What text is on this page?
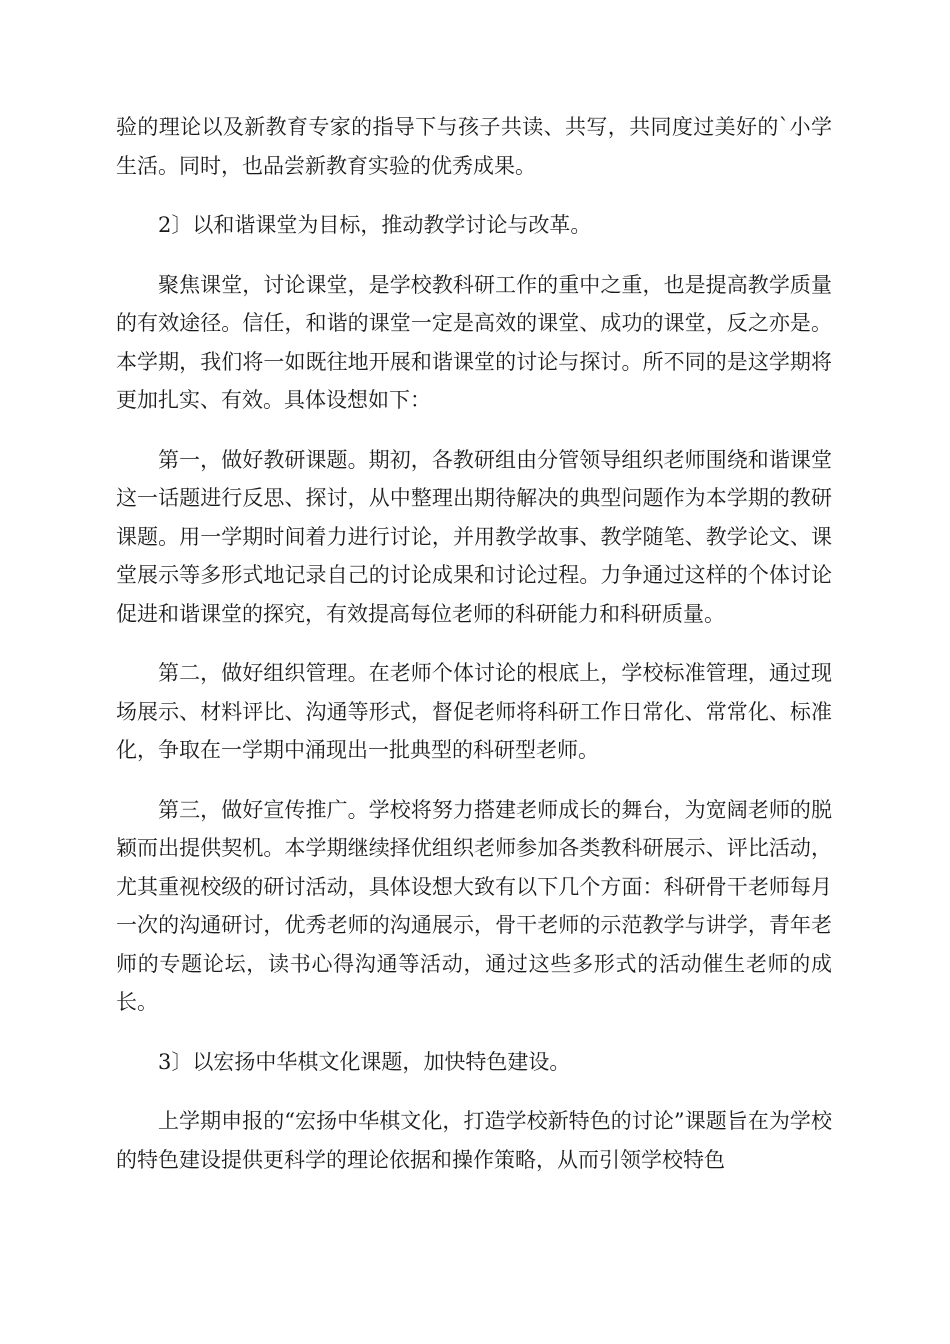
验的理论以及新教育专家的指导下与孩子共读、共写，共同度过美好的`小学生活。同时，也品尝新教育实验的优秀成果。

2〕以和谐课堂为目标，推动教学讨论与改革。

聚焦课堂，讨论课堂，是学校教科研工作的重中之重，也是提高教学质量的有效途径。信任，和谐的课堂一定是高效的课堂、成功的课堂，反之亦是。本学期，我们将一如既往地开展和谐课堂的讨论与探讨。所不同的是这学期将更加扎实、有效。具体设想如下：

第一，做好教研课题。期初，各教研组由分管领导组织老师围绕和谐课堂这一话题进行反思、探讨，从中整理出期待解决的典型问题作为本学期的教研课题。用一学期时间着力进行讨论，并用教学故事、教学随笔、教学论文、课堂展示等多形式地记录自己的讨论成果和讨论过程。力争通过这样的个体讨论促进和谐课堂的探究，有效提高每位老师的科研能力和科研质量。

第二，做好组织管理。在老师个体讨论的根底上，学校标准管理，通过现场展示、材料评比、沟通等形式，督促老师将科研工作日常化、常常化、标准化，争取在一学期中涌现出一批典型的科研型老师。

第三，做好宣传推广。学校将努力搭建老师成长的舞台，为宽阔老师的脱颖而出提供契机。本学期继续择优组织老师参加各类教科研展示、评比活动，尤其重视校级的研讨活动，具体设想大致有以下几个方面：科研骨干老师每月一次的沟通研讨，优秀老师的沟通展示，骨干老师的示范教学与讲学，青年老师的专题论坛，读书心得沟通等活动，通过这些多形式的活动催生老师的成长。

3〕以宏扬中华棋文化课题，加快特色建设。

上学期申报的“宏扬中华棋文化，打造学校新特色的讨论”课题旨在为学校的特色建设提供更科学的理论依据和操作策略，从而引领学校特色
